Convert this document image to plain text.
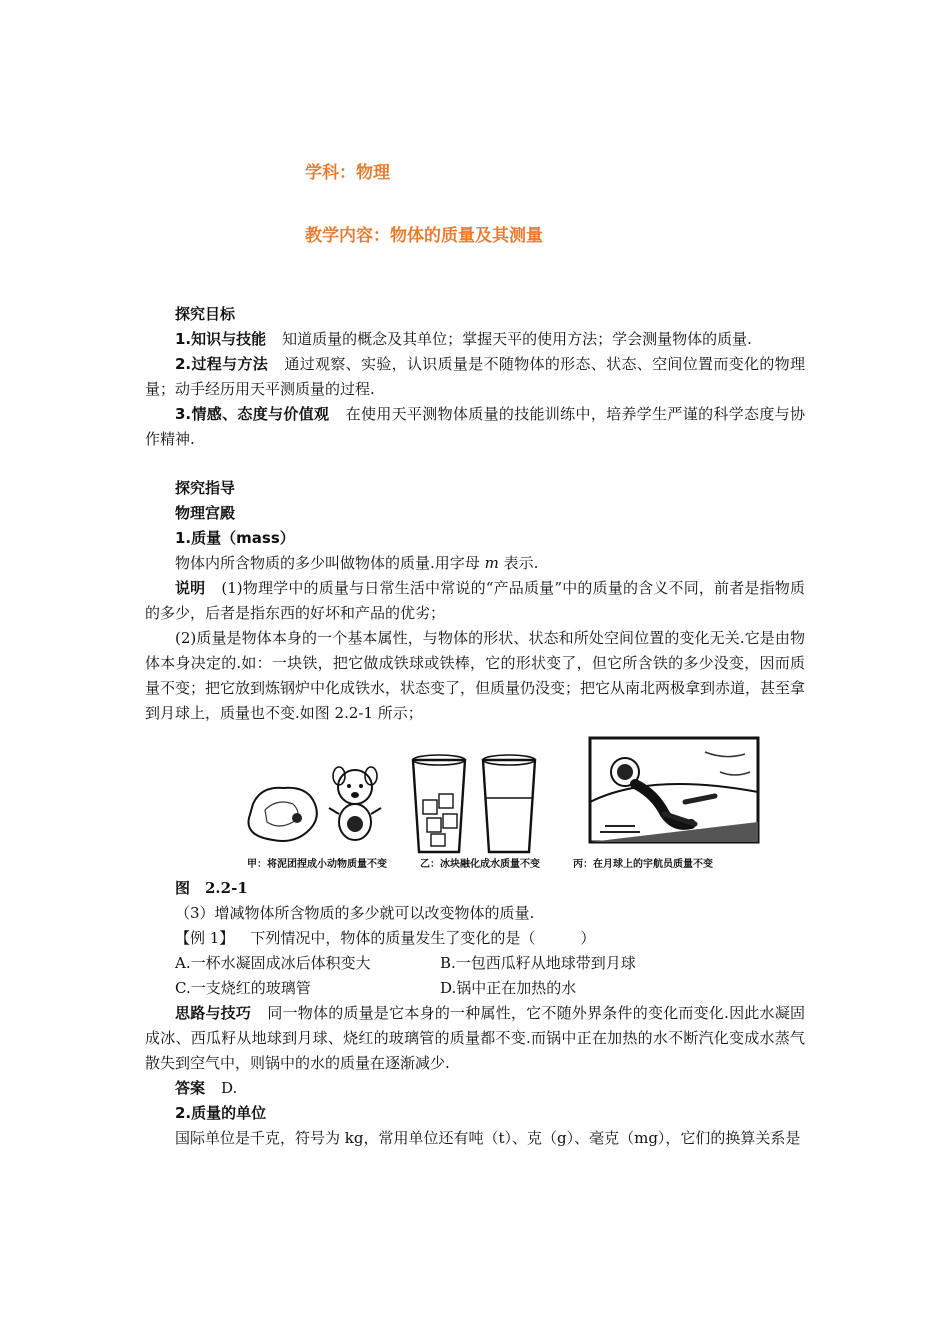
学科：物理
教学内容：物体的质量及其测量

探究目标

1.知识与技能 知道质量的概念及其单位；掌握天平的使用方法；学会测量物体的质量.

2.过程与方法 通过观察、实验，认识质量是不随物体的形态、状态、空间位置而变化的物理量；动手经历用天平测质量的过程.

3.情感、态度与价值观 在使用天平测物体质量的技能训练中，培养学生严谨的科学态度与协作精神.

探究指导

物理宫殿

1.质量（mass）

物体内所含物质的多少叫做物体的质量.用字母 m 表示.

说明 (1)物理学中的质量与日常生活中常说的“产品质量”中的质量的含义不同，前者是指物质的多少，后者是指东西的好坏和产品的优劣；

(2)质量是物体本身的一个基本属性，与物体的形状、状态和所处空间位置的变化无关.它是由物体本身决定的.如：一块铁，把它做成铁球或铁棒，它的形状变了，但它所含铁的多少没变，因而质量不变；把它放到炼钢炉中化成铁水，状态变了，但质量仍没变；把它从南北两极拿到赤道，甚至拿到月球上，质量也不变.如图 2.2-1 所示；

甲：将泥团捏成小动物质量不变	乙：冰块融化成水质量不变	丙：在月球上的宇航员质量不变

图　2.2-1

（3）增减物体所含物质的多少就可以改变物体的质量.

【例 1】 下列情况中，物体的质量发生了变化的是（　　　）

A.一杯水凝固成冰后体积变大	B.一包西瓜籽从地球带到月球
C.一支烧红的玻璃管	D.锅中正在加热的水

思路与技巧 同一物体的质量是它本身的一种属性，它不随外界条件的变化而变化.因此水凝固成冰、西瓜籽从地球到月球、烧红的玻璃管的质量都不变.而锅中正在加热的水不断汽化变成水蒸气散失到空气中，则锅中的水的质量在逐渐减少.

答案 D.

2.质量的单位

国际单位是千克，符号为 kg，常用单位还有吨（t）、克（g）、毫克（mg），它们的换算关系是
